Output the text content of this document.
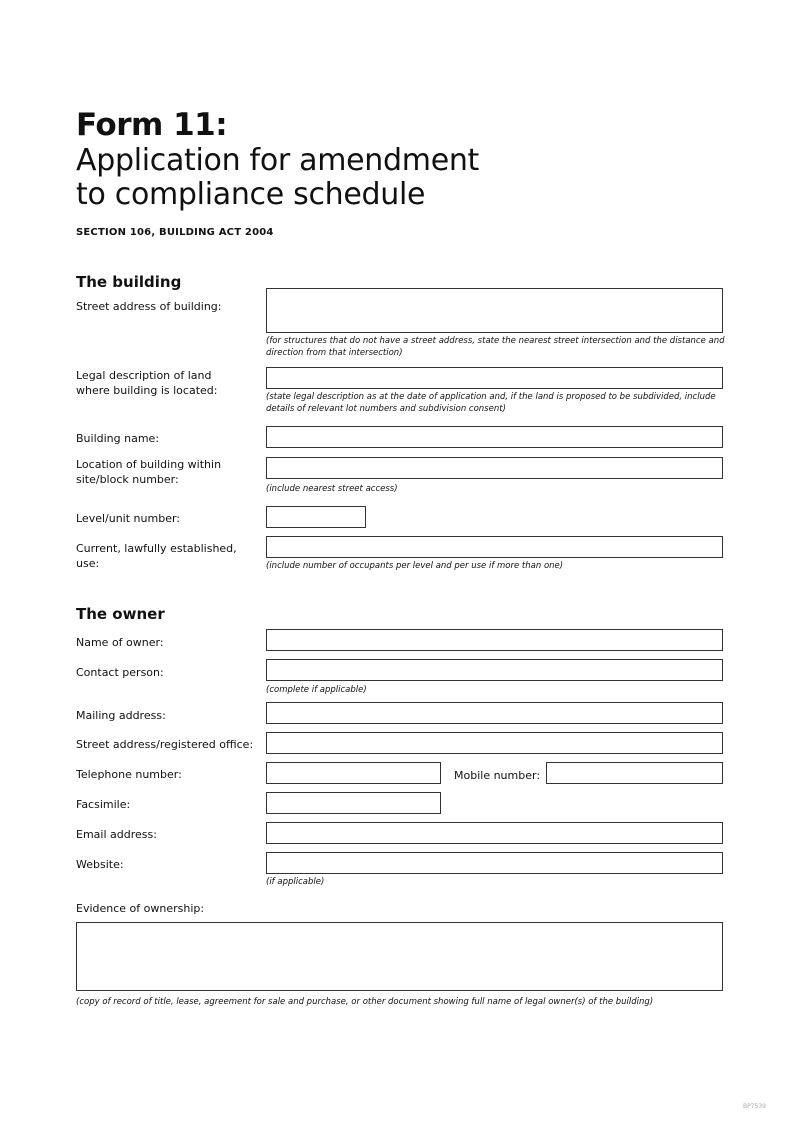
Form 11:
Application for amendment
to compliance schedule
SECTION 106, BUILDING ACT 2004
The building
Street address of building:
(for structures that do not have a street address, state the nearest street intersection and the distance and direction from that intersection)
Legal description of land where building is located:	(state legal description as at the date of application and, if the land is proposed to be subdivided, include details of relevant lot numbers and subdivision consent)
Building name:
Location of building within site/block number:
(include nearest street access)
Level/unit number:
Current, lawfully established, use:	(include number of occupants per level and per use if more than one)
The owner
Name of owner:
Contact person:
(complete if applicable)
Mailing address:
Street address/registered office:
Telephone number:	Mobile number:
Facsimile:
Email address:
Website:
(if applicable)
Evidence of ownership:
(copy of record of title, lease, agreement for sale and purchase, or other document showing full name of legal owner(s) of the building)
BP7539
